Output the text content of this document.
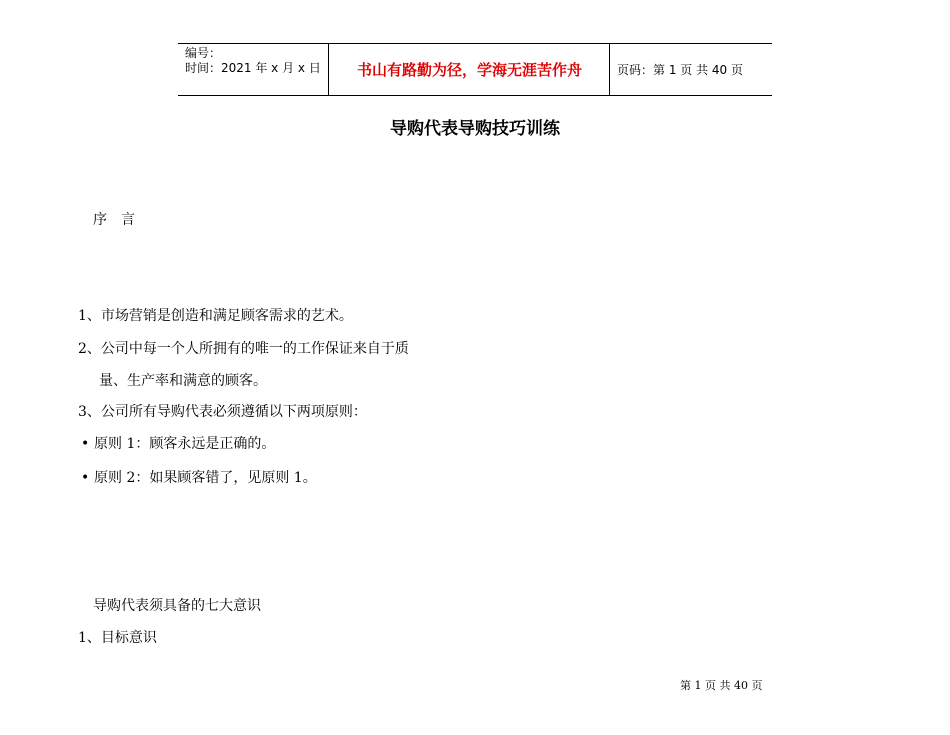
编号：
时间：2021 年 x 月 x 日	书山有路勤为径，学海无涯苦作舟	页码：第 1 页 共 40 页
导购代表导购技巧训练
序　言
1、市场营销是创造和满足顾客需求的艺术。
2、公司中每一个人所拥有的唯一的工作保证来自于质
量、生产率和满意的顾客。
3、公司所有导购代表必须遵循以下两项原则：
• 原则 1：顾客永远是正确的。
• 原则 2：如果顾客错了，见原则 1。
导购代表须具备的七大意识
1、目标意识
第 1 页 共 40 页
